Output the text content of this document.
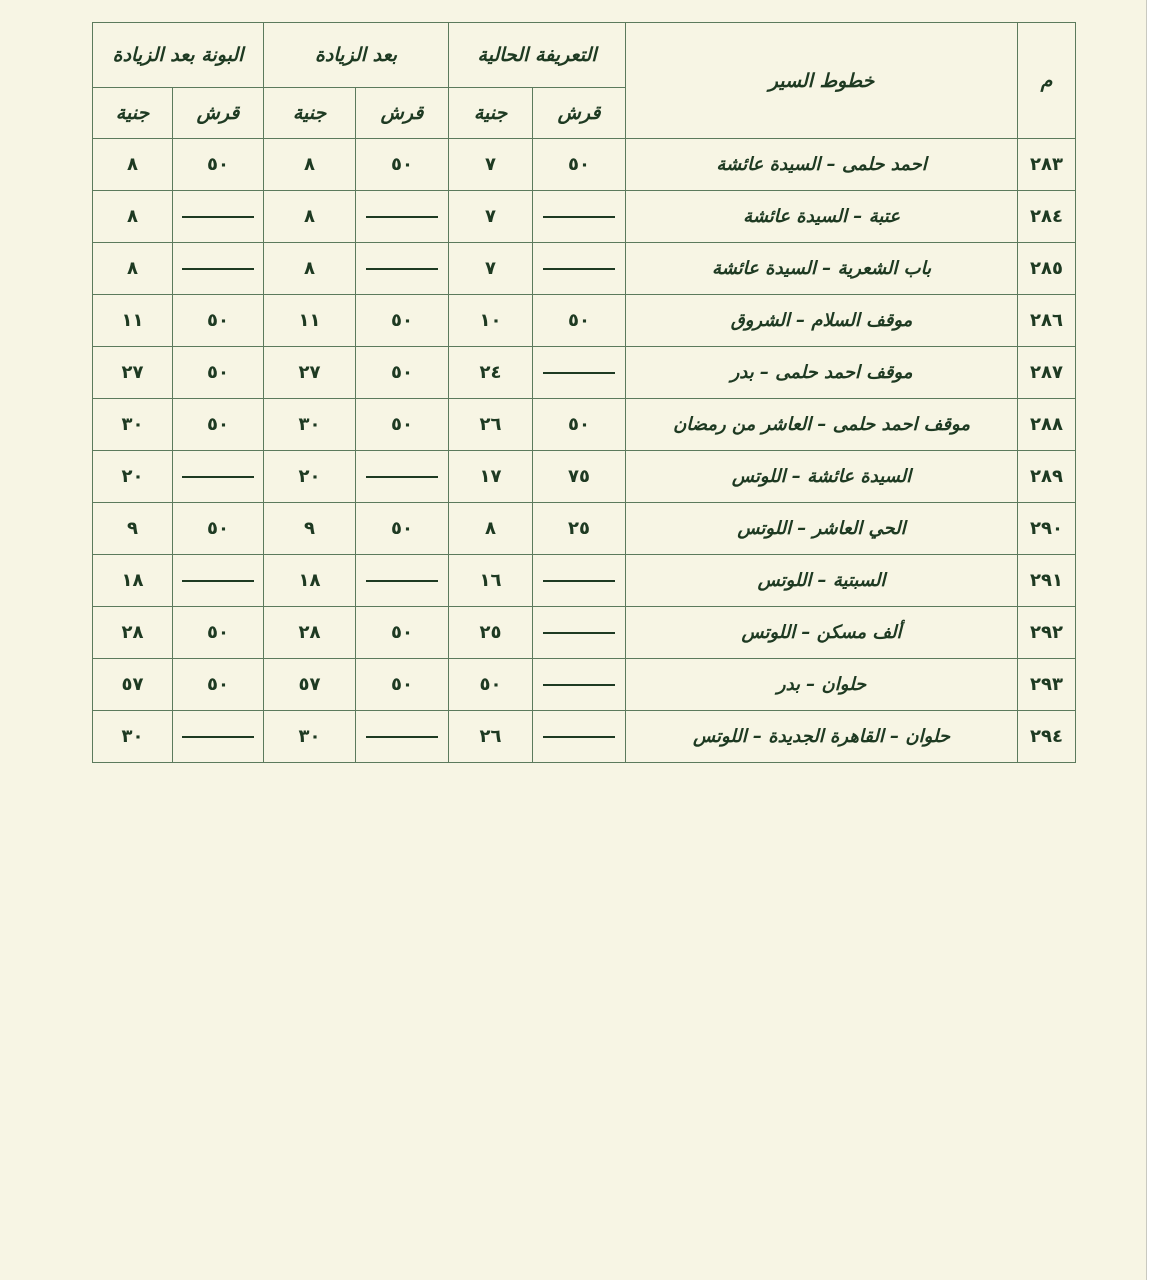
م	خطوط السير	التعريفة الحالية		بعد الزيادة		البونة بعد الزيادة	
		قرش	جنية	قرش	جنية	قرش	جنية
٢٨٣	احمد حلمى – السيدة عائشة	٥٠	٧	٥٠	٨	٥٠	٨
٢٨٤	عتبة – السيدة عائشة		٧		٨		٨
٢٨٥	باب الشعرية – السيدة عائشة		٧		٨		٨
٢٨٦	موقف السلام – الشروق	٥٠	١٠	٥٠	١١	٥٠	١١
٢٨٧	موقف احمد حلمى – بدر		٢٤	٥٠	٢٧	٥٠	٢٧
٢٨٨	موقف احمد حلمى – العاشر من رمضان	٥٠	٢٦	٥٠	٣٠	٥٠	٣٠
٢٨٩	السيدة عائشة – اللوتس	٧٥	١٧		٢٠		٢٠
٢٩٠	الحي العاشر – اللوتس	٢٥	٨	٥٠	٩	٥٠	٩
٢٩١	السبتية – اللوتس		١٦		١٨		١٨
٢٩٢	ألف مسكن – اللوتس		٢٥	٥٠	٢٨	٥٠	٢٨
٢٩٣	حلوان – بدر		٥٠	٥٠	٥٧	٥٠	٥٧
٢٩٤	حلوان – القاهرة الجديدة – اللوتس		٢٦		٣٠		٣٠
